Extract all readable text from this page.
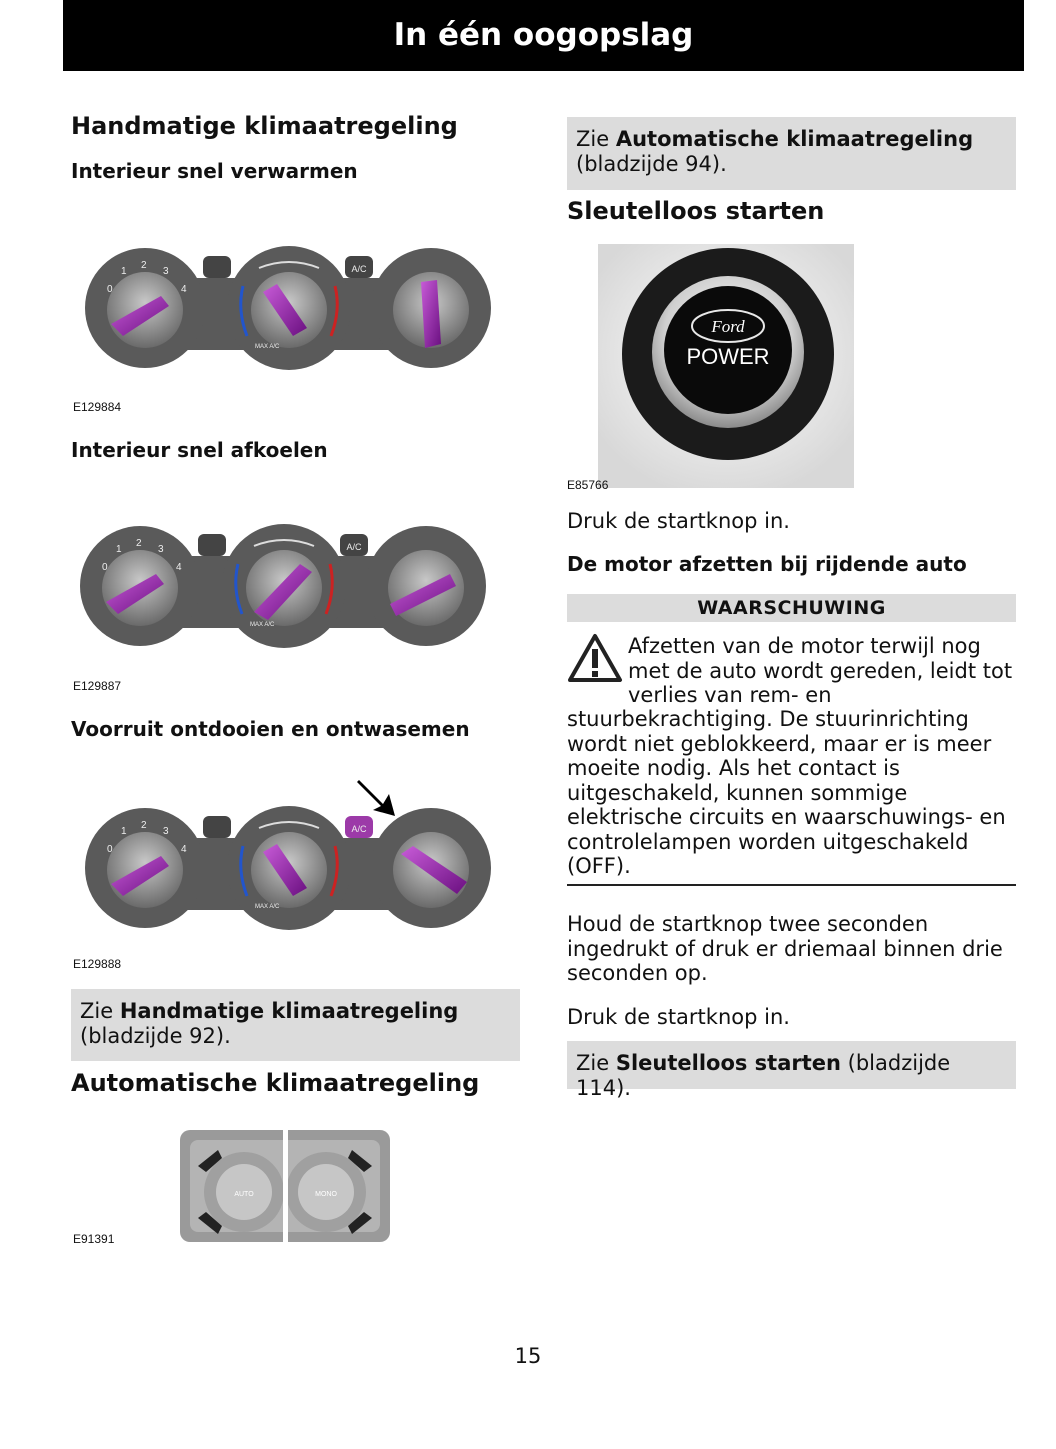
In één oogopslag
Handmatige klimaatregeling
Interieur snel verwarmen
A/C
0
1
2
3
4
MAX A/C
E129884
Interieur snel afkoelen
A/C
0
1
2
3
4
MAX A/C
E129887
Voorruit ontdooien en ontwasemen
A/C
0
1
2
3
4
MAX A/C
E129888
Zie Handmatige klimaatregeling
(bladzijde 92).
Automatische klimaatregeling
AUTO	MONO
E91391
Zie Automatische klimaatregeling
(bladzijde 94).
Sleutelloos starten
Ford
POWER
E85766
Druk de startknop in.
De motor afzetten bij rijdende auto
WAARSCHUWING
Afzetten van de motor terwijl nog
met de auto wordt gereden, leidt tot
verlies van rem- en
stuurbekrachtiging. De stuurinrichting
wordt niet geblokkeerd, maar er is meer
moeite nodig. Als het contact is
uitgeschakeld, kunnen sommige
elektrische circuits en waarschuwings- en
controlelampen worden uitgeschakeld
(OFF).
Houd de startknop twee seconden
ingedrukt of druk er driemaal binnen drie
seconden op.
Druk de startknop in.
Zie Sleutelloos starten (bladzijde 114).
15
